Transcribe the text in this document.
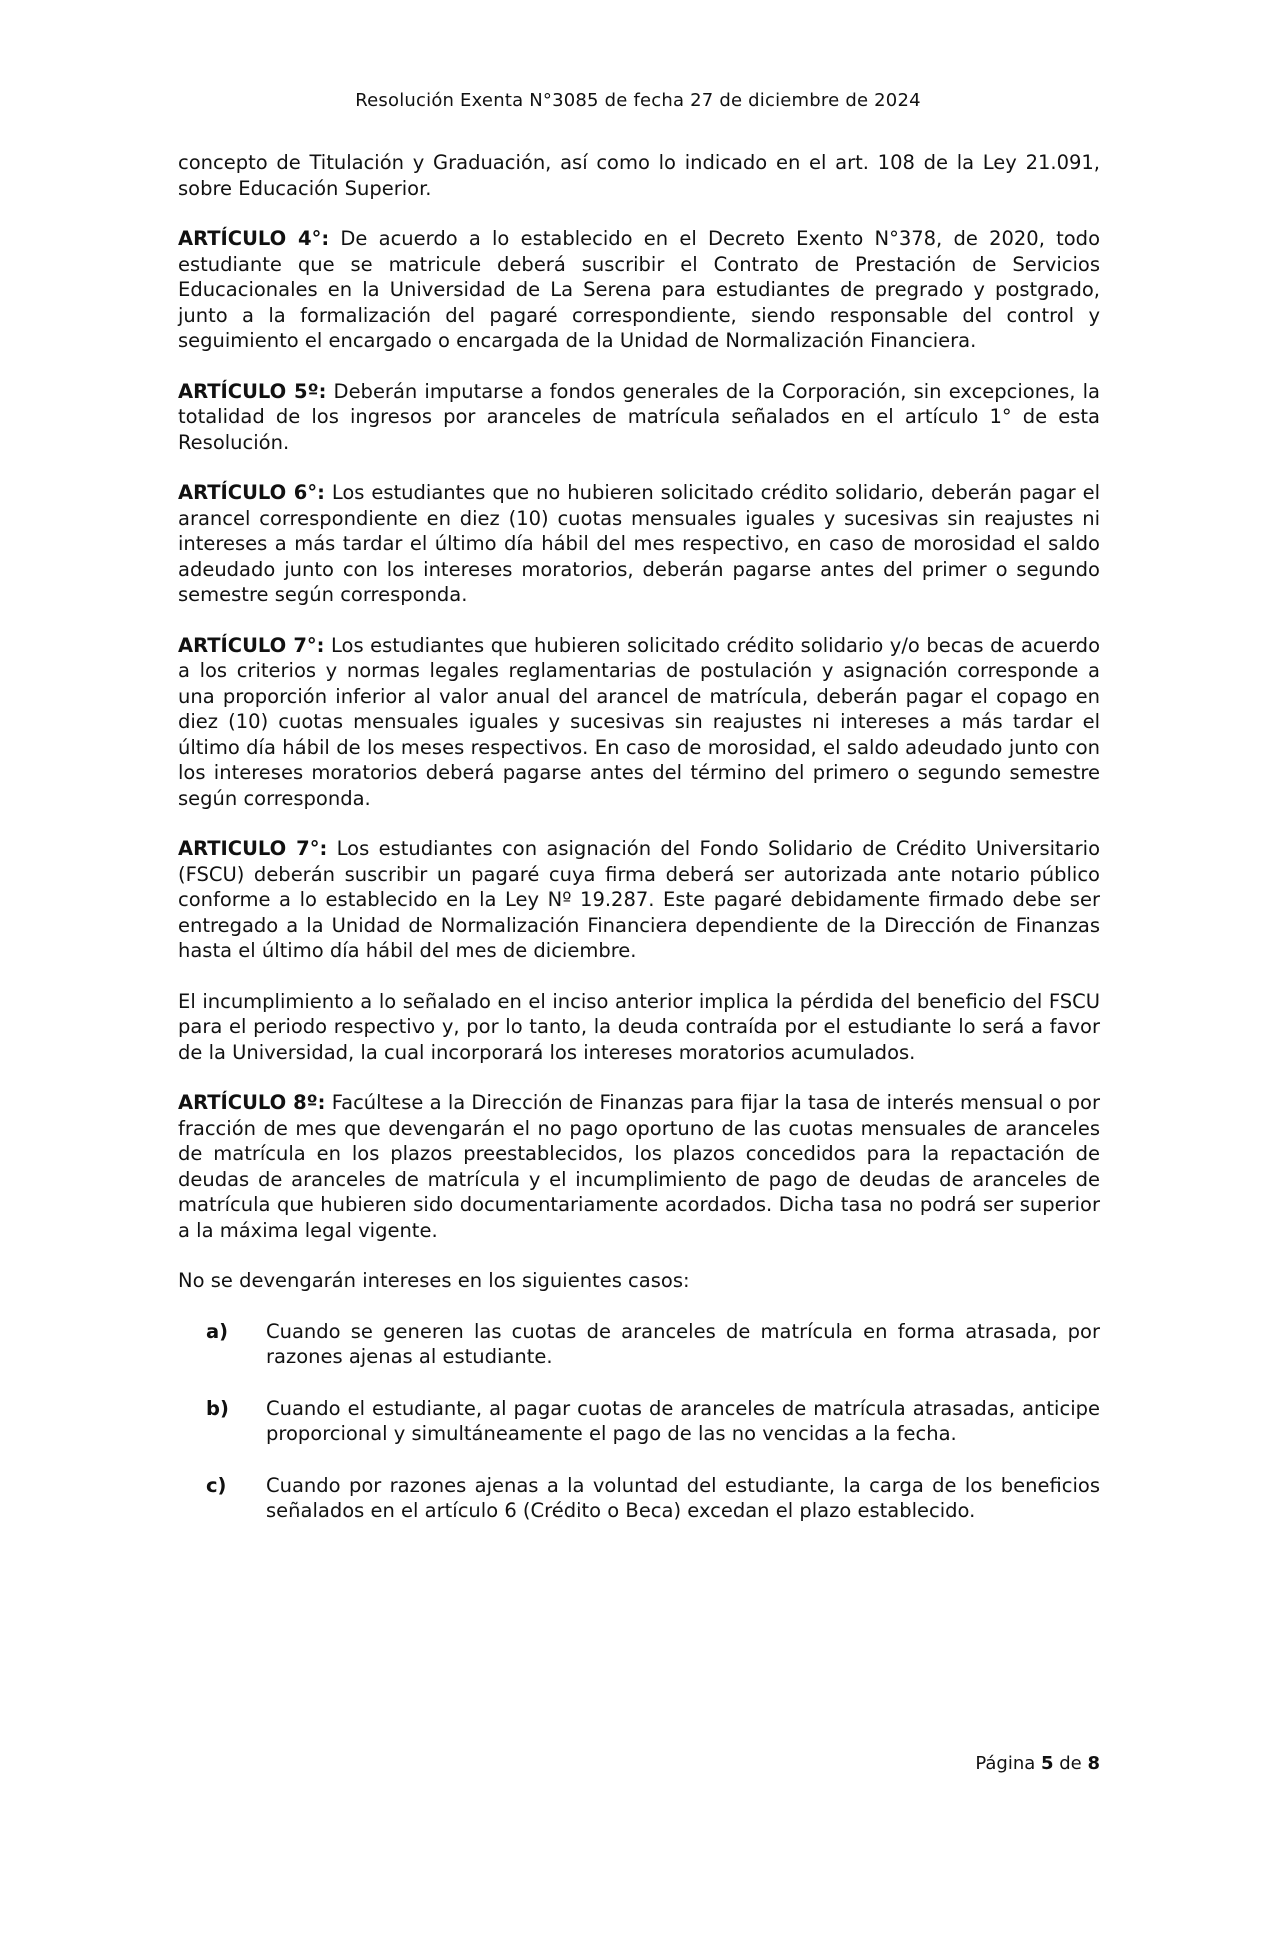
Resolución Exenta N°3085 de fecha 27 de diciembre de 2024

concepto de Titulación y Graduación, así como lo indicado en el art. 108 de la Ley 21.091, sobre Educación Superior.

ARTÍCULO 4°: De acuerdo a lo establecido en el Decreto Exento N°378, de 2020, todo estudiante que se matricule deberá suscribir el Contrato de Prestación de Servicios Educacionales en la Universidad de La Serena para estudiantes de pregrado y postgrado, junto a la formalización del pagaré correspondiente, siendo responsable del control y seguimiento el encargado o encargada de la Unidad de Normalización Financiera.

ARTÍCULO 5º: Deberán imputarse a fondos generales de la Corporación, sin excepciones, la totalidad de los ingresos por aranceles de matrícula señalados en el artículo 1° de esta Resolución.

ARTÍCULO 6°: Los estudiantes que no hubieren solicitado crédito solidario, deberán pagar el arancel correspondiente en diez (10) cuotas mensuales iguales y sucesivas sin reajustes ni intereses a más tardar el último día hábil del mes respectivo, en caso de morosidad el saldo adeudado junto con los intereses moratorios, deberán pagarse antes del primer o segundo semestre según corresponda.

ARTÍCULO 7°: Los estudiantes que hubieren solicitado crédito solidario y/o becas de acuerdo a los criterios y normas legales reglamentarias de postulación y asignación corresponde a una proporción inferior al valor anual del arancel de matrícula, deberán pagar el copago en diez (10) cuotas mensuales iguales y sucesivas sin reajustes ni intereses a más tardar el último día hábil de los meses respectivos. En caso de morosidad, el saldo adeudado junto con los intereses moratorios deberá pagarse antes del término del primero o segundo semestre según corresponda.

ARTICULO 7°: Los estudiantes con asignación del Fondo Solidario de Crédito Universitario (FSCU) deberán suscribir un pagaré cuya firma deberá ser autorizada ante notario público conforme a lo establecido en la Ley Nº 19.287. Este pagaré debidamente firmado debe ser entregado a la Unidad de Normalización Financiera dependiente de la Dirección de Finanzas hasta el último día hábil del mes de diciembre.

El incumplimiento a lo señalado en el inciso anterior implica la pérdida del beneficio del FSCU para el periodo respectivo y, por lo tanto, la deuda contraída por el estudiante lo será a favor de la Universidad, la cual incorporará los intereses moratorios acumulados.

ARTÍCULO 8º: Facúltese a la Dirección de Finanzas para fijar la tasa de interés mensual o por fracción de mes que devengarán el no pago oportuno de las cuotas mensuales de aranceles de matrícula en los plazos preestablecidos, los plazos concedidos para la repactación de deudas de aranceles de matrícula y el incumplimiento de pago de deudas de aranceles de matrícula que hubieren sido documentariamente acordados. Dicha tasa no podrá ser superior a la máxima legal vigente.

No se devengarán intereses en los siguientes casos:

a)	Cuando se generen las cuotas de aranceles de matrícula en forma atrasada, por razones ajenas al estudiante.
b)	Cuando el estudiante, al pagar cuotas de aranceles de matrícula atrasadas, anticipe proporcional y simultáneamente el pago de las no vencidas a la fecha.
c)	Cuando por razones ajenas a la voluntad del estudiante, la carga de los beneficios señalados en el artículo 6 (Crédito o Beca) excedan el plazo establecido.
Página 5 de 8
